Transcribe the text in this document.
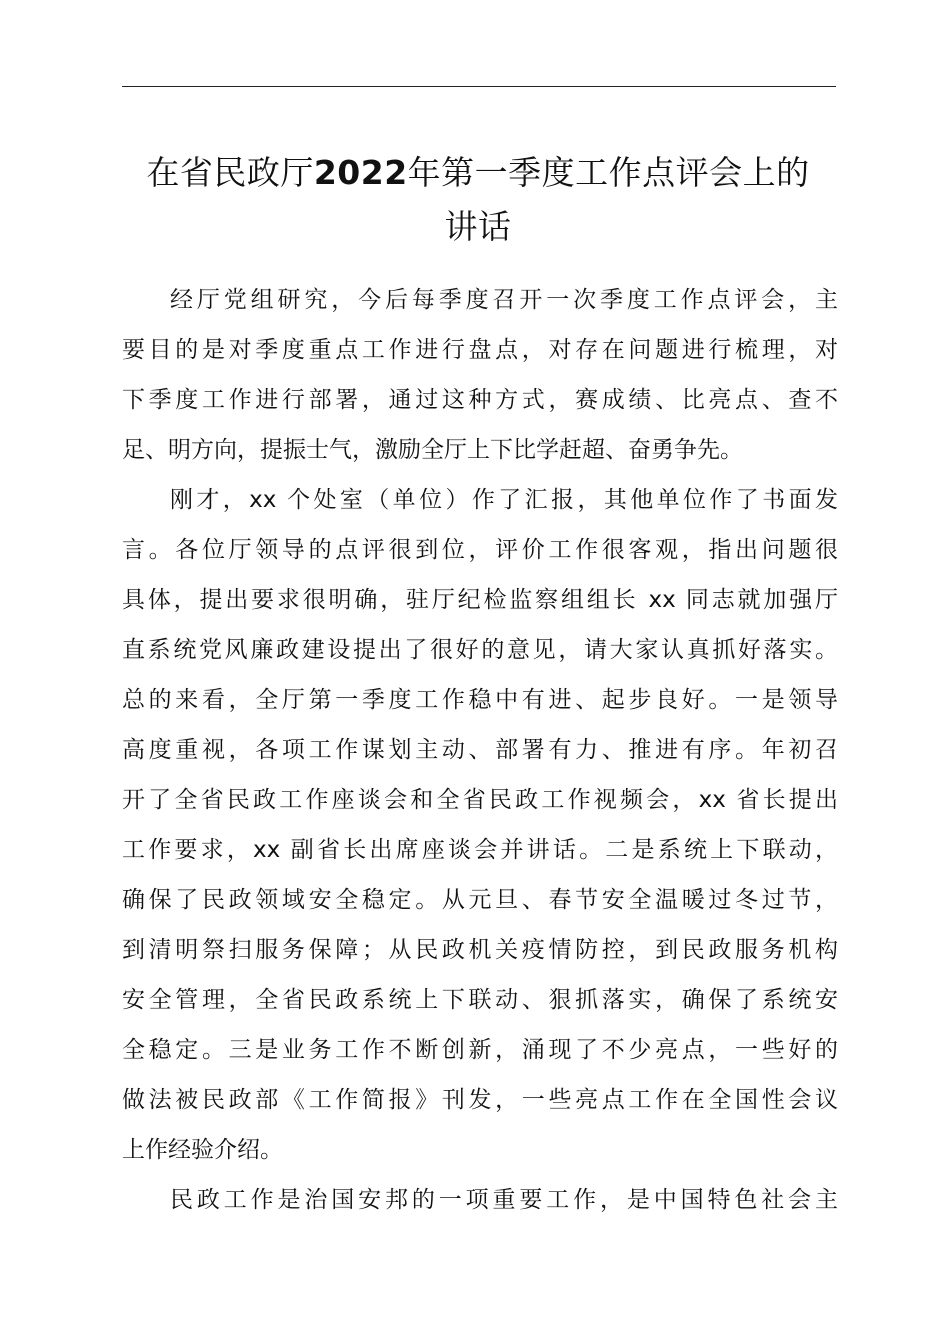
在省民政厅2022年第一季度工作点评会上的
讲话
经厅党组研究，今后每季度召开一次季度工作点评会，主
要目的是对季度重点工作进行盘点，对存在问题进行梳理，对
下季度工作进行部署，通过这种方式，赛成绩、比亮点、查不
足、明方向，提振士气，激励全厅上下比学赶超、奋勇争先。
刚才，xx 个处室（单位）作了汇报，其他单位作了书面发
言。各位厅领导的点评很到位，评价工作很客观，指出问题很
具体，提出要求很明确，驻厅纪检监察组组长 xx 同志就加强厅
直系统党风廉政建设提出了很好的意见，请大家认真抓好落实。
总的来看，全厅第一季度工作稳中有进、起步良好。一是领导
高度重视，各项工作谋划主动、部署有力、推进有序。年初召
开了全省民政工作座谈会和全省民政工作视频会，xx 省长提出
工作要求，xx 副省长出席座谈会并讲话。二是系统上下联动，
确保了民政领域安全稳定。从元旦、春节安全温暖过冬过节，
到清明祭扫服务保障；从民政机关疫情防控，到民政服务机构
安全管理，全省民政系统上下联动、狠抓落实，确保了系统安
全稳定。三是业务工作不断创新，涌现了不少亮点，一些好的
做法被民政部《工作简报》刊发，一些亮点工作在全国性会议
上作经验介绍。
民政工作是治国安邦的一项重要工作，是中国特色社会主
